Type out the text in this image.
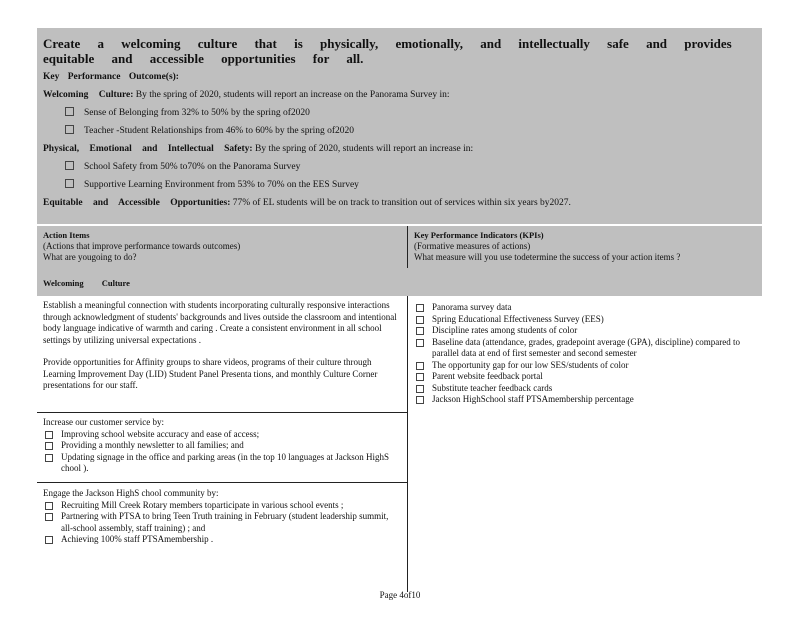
Create a welcoming culture that is physically, emotionally, and intellectually safe and provides equitable and accessible opportunities for all.

Key Performance Outcome(s):

Welcoming Culture: By the spring of 2020, students will report an increase on the Panorama Survey in:

Sense of Belonging from 32% to 50% by the spring of2020

Teacher -Student Relationships from 46% to 60% by the spring of2020

Physical, Emotional and Intellectual Safety: By the spring of 2020, students will report an increase in:

School Safety from 50% to70% on the Panorama Survey

Supportive Learning Environment from 53% to 70% on the EES Survey

Equitable and Accessible Opportunities: 77% of EL students will be on track to transition out of services within six years by2027.

Action Items
(Actions that improve performance towards outcomes)
What are yougoing to do?
Key Performance Indicators (KPIs)
(Formative measures of actions)
What measure will you use todetermine the success of your action items ?
Welcoming Culture

Establish a meaningful connection with students incorporating culturally responsive interactions through acknowledgment of students' backgrounds and lives outside the classroom and intentional body language indicative of warmth and caring . Create a consistent environment in all school settings by utilizing universal expectations .

Provide opportunities for Affinity groups to share videos, programs of their culture through Learning Improvement Day (LID) Student Panel Presenta tions, and monthly Culture Corner presentations for our staff.

Increase our customer service by:

Improving school website accuracy and ease of access;
Providing a monthly newsletter to all families; and
Updating signage in the office and parking areas (in the top 10 languages at Jackson HighS chool ).

Engage the Jackson HighS chool community by:

Recruiting Mill Creek Rotary members toparticipate in various school events ;
Partnering with PTSA to bring Teen Truth training in February (student leadership summit, all-school assembly, staff training) ; and
Achieving 100% staff PTSAmembership .
Panorama survey data
Spring Educational Effectiveness Survey (EES)
Discipline rates among students of color
Baseline data (attendance, grades, gradepoint average (GPA), discipline) compared to parallel data at end of first semester and second semester
The opportunity gap for our low SES/students of color
Parent website feedback portal
Substitute teacher feedback cards
Jackson HighSchool staff PTSAmembership percentage
Page 4of10
